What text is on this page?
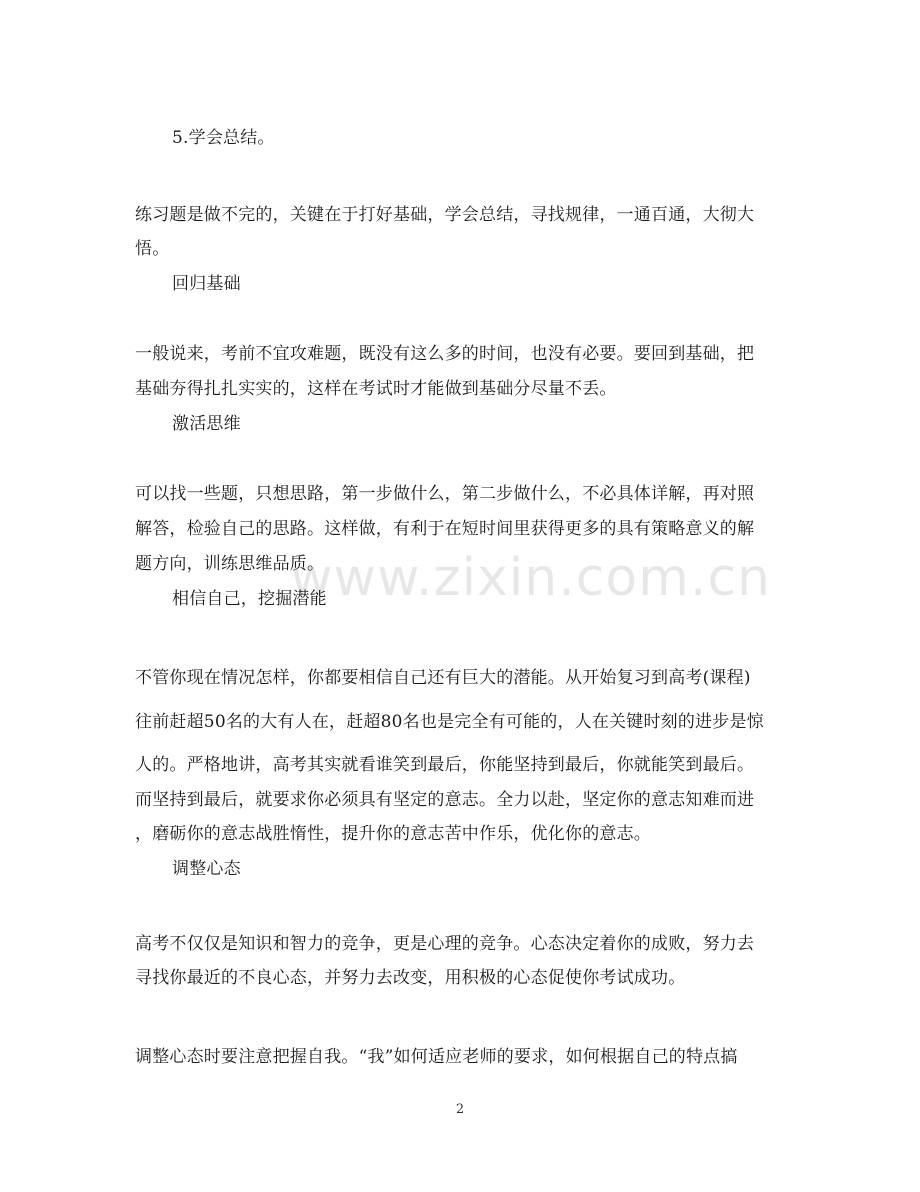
5.学会总结。
练习题是做不完的，关键在于打好基础，学会总结，寻找规律，一通百通，大彻大
悟。
回归基础
一般说来，考前不宜攻难题，既没有这么多的时间，也没有必要。要回到基础，把
基础夯得扎扎实实的，这样在考试时才能做到基础分尽量不丢。
激活思维
可以找一些题，只想思路，第一步做什么，第二步做什么，不必具体详解，再对照
解答，检验自己的思路。这样做，有利于在短时间里获得更多的具有策略意义的解
题方向，训练思维品质。
相信自己，挖掘潜能
不管你现在情况怎样，你都要相信自己还有巨大的潜能。从开始复习到高考(课程)
往前赶超50名的大有人在，赶超80名也是完全有可能的，人在关键时刻的进步是惊
人的。严格地讲，高考其实就看谁笑到最后，你能坚持到最后，你就能笑到最后。
而坚持到最后，就要求你必须具有坚定的意志。全力以赴，坚定你的意志知难而进
，磨砺你的意志战胜惰性，提升你的意志苦中作乐，优化你的意志。
调整心态
高考不仅仅是知识和智力的竞争，更是心理的竞争。心态决定着你的成败，努力去
寻找你最近的不良心态，并努力去改变，用积极的心态促使你考试成功。
调整心态时要注意把握自我。“我”如何适应老师的要求，如何根据自己的特点搞
www.zixin.com.cn
2
